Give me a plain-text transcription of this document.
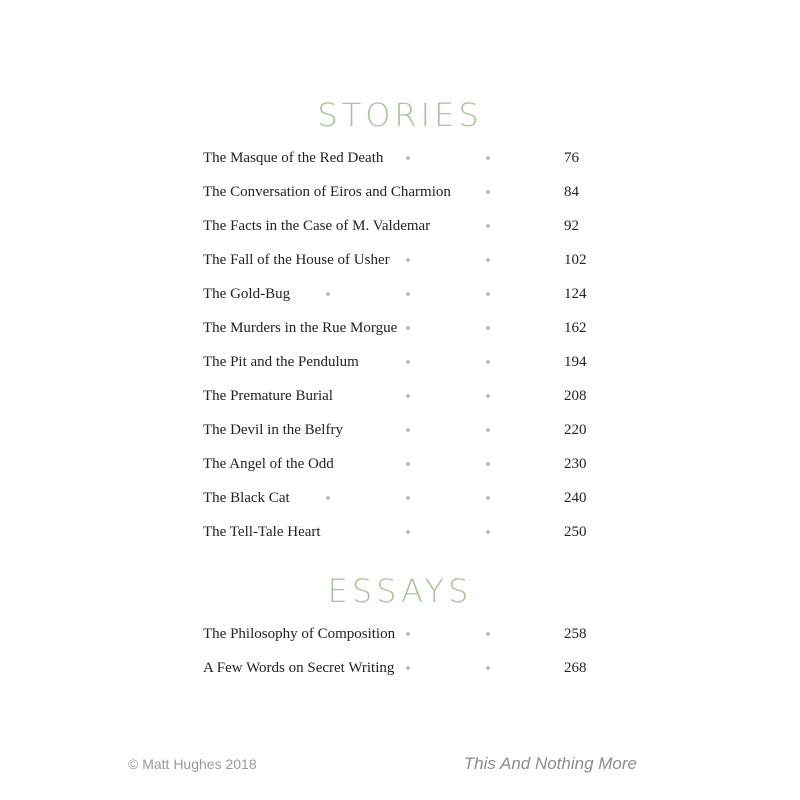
STORIES
The Masque of the Red Death	76
The Conversation of Eiros and Charmion	84
The Facts in the Case of M. Valdemar	92
The Fall of the House of Usher	102
The Gold-Bug	124
The Murders in the Rue Morgue	162
The Pit and the Pendulum	194
The Premature Burial	208
The Devil in the Belfry	220
The Angel of the Odd	230
The Black Cat	240
The Tell-Tale Heart	250
ESSAYS
The Philosophy of Composition	258
A Few Words on Secret Writing	268
© Matt Hughes 2018	This And Nothing More
